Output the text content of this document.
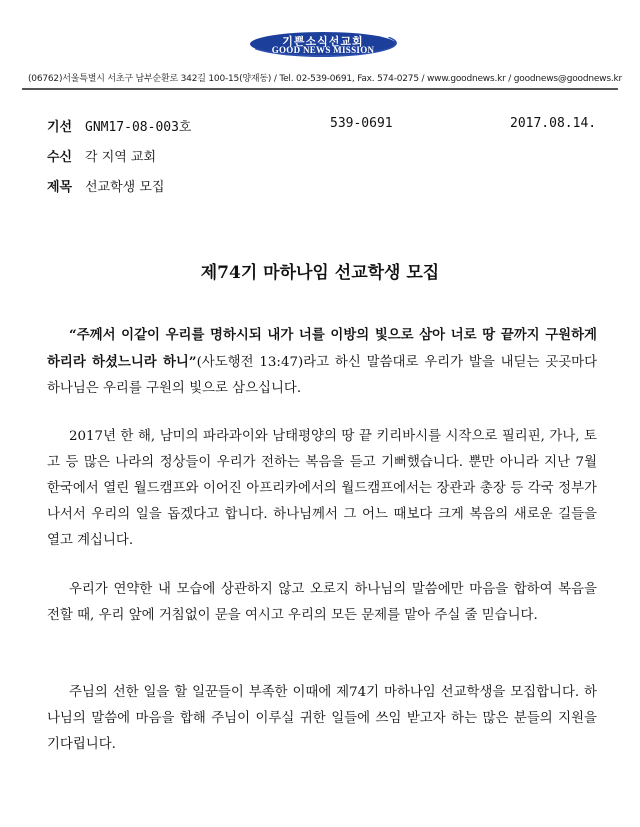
기쁜소식선교회
GOOD NEWS MISSION
(06762)서울특별시 서초구 남부순환로 342길 100-15(양재동) / Tel. 02-539-0691, Fax. 574-0275 / www.goodnews.kr / goodnews@goodnews.kr
기선 GNM17-08-003호	539-0691	2017.08.14.
수신 각 지역 교회
제목 선교학생 모집
제74기 마하나임 선교학생 모집

“주께서 이같이 우리를 명하시되 내가 너를 이방의 빛으로 삼아 너로 땅 끝까지 구원하게 하리라 하셨느니라 하니”(사도행전 13:47)라고 하신 말씀대로 우리가 발을 내딛는 곳곳마다 하나님은 우리를 구원의 빛으로 삼으십니다.

2017년 한 해, 남미의 파라과이와 남태평양의 땅 끝 키리바시를 시작으로 필리핀, 가나, 토고 등 많은 나라의 정상들이 우리가 전하는 복음을 듣고 기뻐했습니다. 뿐만 아니라 지난 7월 한국에서 열린 월드캠프와 이어진 아프리카에서의 월드캠프에서는 장관과 총장 등 각국 정부가 나서서 우리의 일을 돕겠다고 합니다. 하나님께서 그 어느 때보다 크게 복음의 새로운 길들을 열고 계십니다.

우리가 연약한 내 모습에 상관하지 않고 오로지 하나님의 말씀에만 마음을 합하여 복음을 전할 때, 우리 앞에 거침없이 문을 여시고 우리의 모든 문제를 맡아 주실 줄 믿습니다.

주님의 선한 일을 할 일꾼들이 부족한 이때에 제74기 마하나임 선교학생을 모집합니다. 하나님의 말씀에 마음을 합해 주님이 이루실 귀한 일들에 쓰임 받고자 하는 많은 분들의 지원을 기다립니다.
